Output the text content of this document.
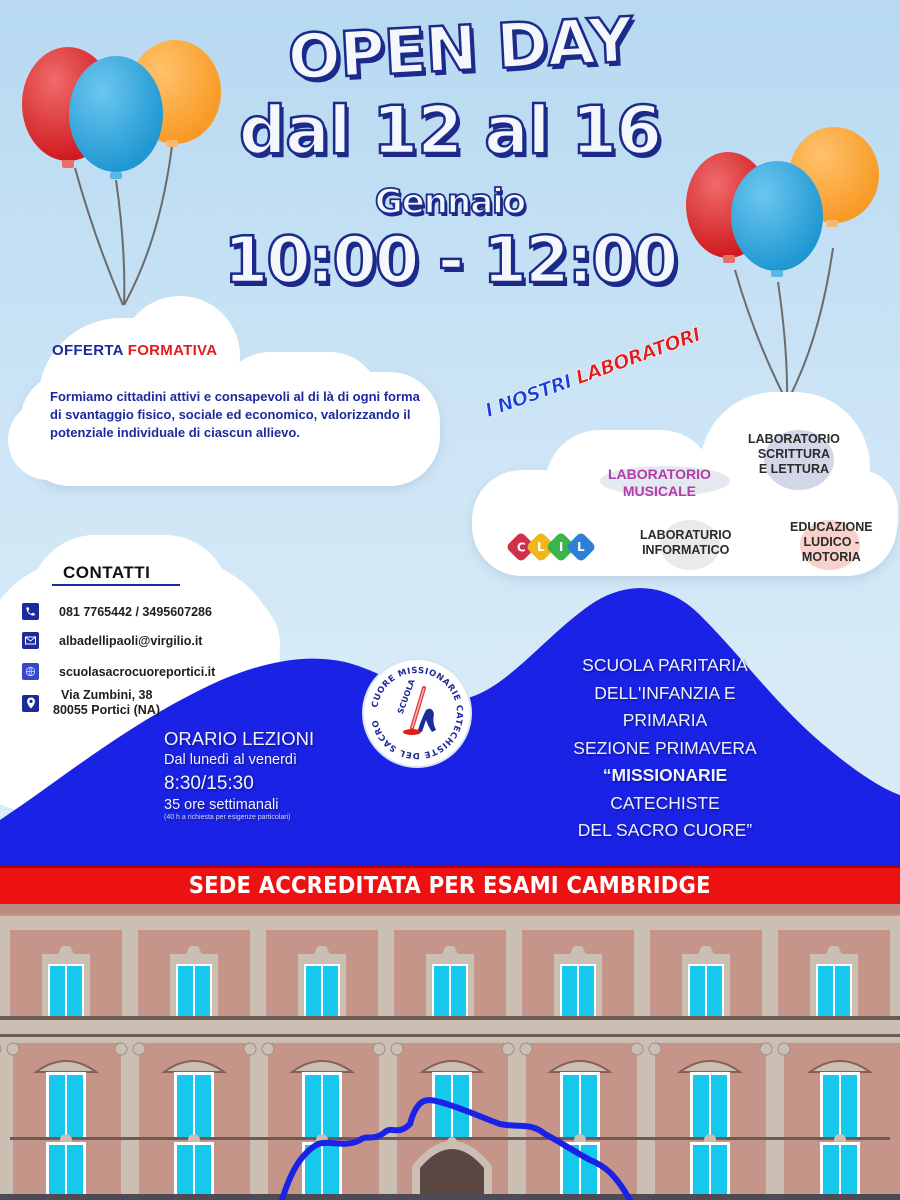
OPEN DAY
dal 12 al 16
Gennaio
10:00 - 12:00
OFFERTA FORMATIVA
Formiamo cittadini attivi e consapevoli al di là di ogni forma di svantaggio fisico, sociale ed economico, valorizzando il potenziale individuale di ciascun allievo.
I NOSTRI LABORATORI
LABORATORIO
MUSICALE
LABORATORIO
SCRITTURA
E LETTURA
LABORATURIO
INFORMATICO
EDUCAZIONE
LUDICO -
MOTORIA
C L I L
CONTATTI
081 7765442 / 3495607286
albadellipaoli@virgilio.it
scuolasacrocuoreportici.it
Via Zumbini, 38
80055 Portici (NA)
ORARIO LEZIONI
Dal lunedì al venerdì
8:30/15:30
35 ore settimanali
(40 h a richiesta per esigenze particolari)
CUORE MISSIONARIE CATECHISTE DEL SACRO
SCUOLA
SCUOLA PARITARIA
DELL'INFANZIA E
PRIMARIA
SEZIONE PRIMAVERA
“MISSIONARIE
CATECHISTE
DEL SACRO CUORE”
SEDE ACCREDITATA PER ESAMI CAMBRIDGE
